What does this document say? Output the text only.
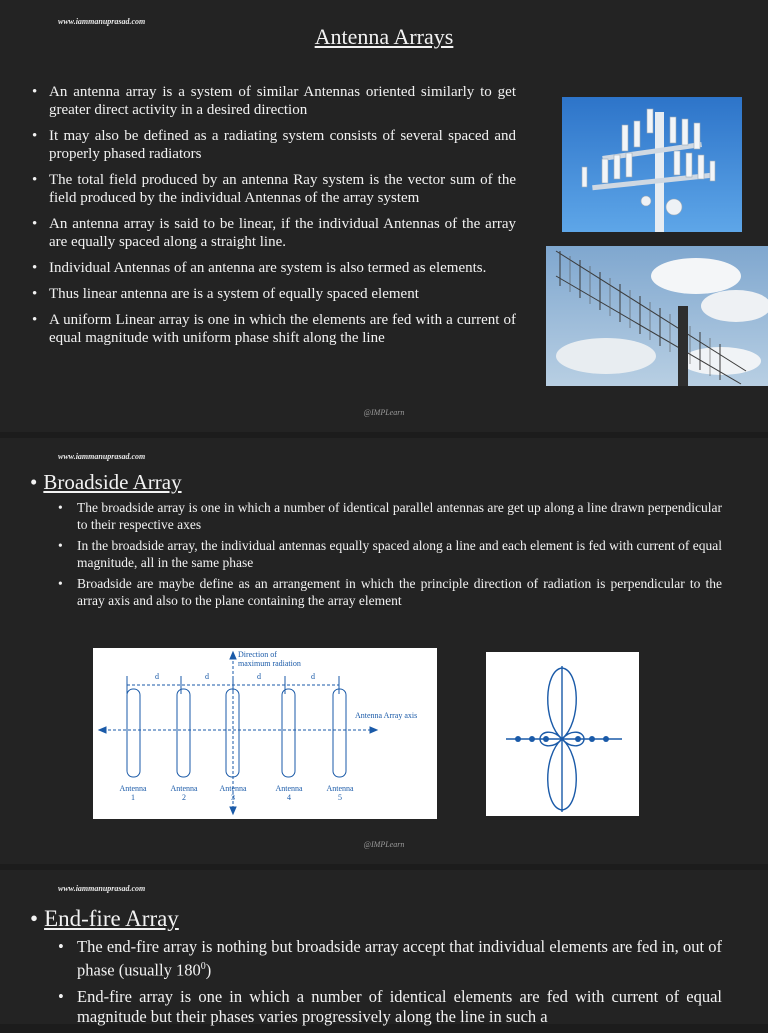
www.iammanuprasad.com
Antenna Arrays
• An antenna array is a system of similar Antennas oriented similarly to get greater direct activity in a desired direction
• It may also be defined as a radiating system consists of several spaced and properly phased radiators
• The total field produced by an antenna Ray system is the vector sum of the field produced by the individual Antennas of the array system
• An antenna array is said to be linear, if the individual Antennas of the array are equally spaced along a straight line.
• Individual Antennas of an antenna are system is also termed as elements.
• Thus linear antenna are is a system of equally spaced element
• A uniform Linear array is one in which the elements are fed with a current of equal magnitude with uniform phase shift along the line
@IMPLearn
www.iammanuprasad.com
• Broadside Array
• The broadside array is one in which a number of identical parallel antennas are get up along a line drawn perpendicular to their respective axes
• In the broadside array, the individual antennas equally spaced along a line and each element is fed with current of equal magnitude, all in the same phase
• Broadside are maybe define as an arrangement in which the principle direction of radiation is perpendicular to the array axis and also to the plane containing the array element
Direction of
maximum radiation
Antenna Array axis
d	d	d	d
Antenna
1
Antenna
2
Antenna
3
Antenna
4
Antenna
5
@IMPLearn
www.iammanuprasad.com
• End-fire Array
• The end-fire array is nothing but broadside array accept that individual elements are fed in, out of phase (usually $180^0$)
• End-fire array is one in which a number of identical elements are fed with current of equal magnitude but their phases varies progressively along the line in such a
